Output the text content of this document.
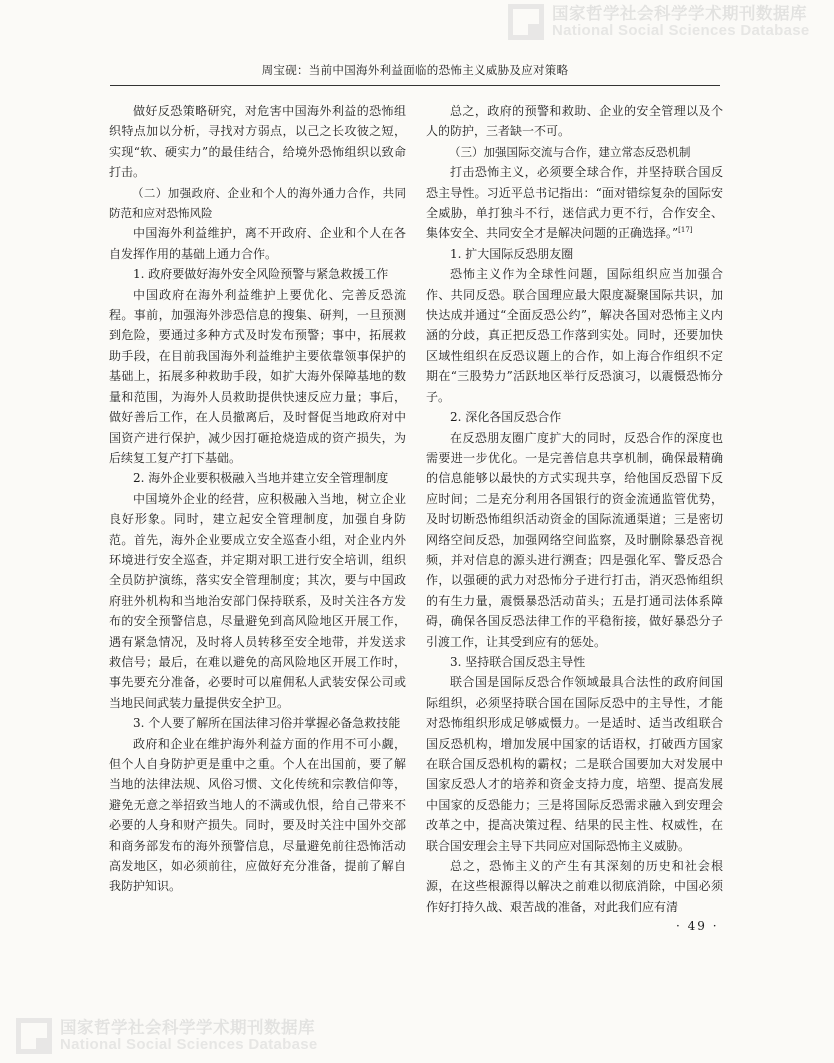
国家哲学社会科学学术期刊数据库
National Social Sciences Database
周宝砚：当前中国海外利益面临的恐怖主义威胁及应对策略

做好反恐策略研究，对危害中国海外利益的恐怖组织特点加以分析，寻找对方弱点，以己之长攻彼之短，实现“软、硬实力”的最佳结合，给境外恐怖组织以致命打击。

（二）加强政府、企业和个人的海外通力合作，共同防范和应对恐怖风险

中国海外利益维护，离不开政府、企业和个人在各自发挥作用的基础上通力合作。

1. 政府要做好海外安全风险预警与紧急救援工作

中国政府在海外利益维护上要优化、完善反恐流程。事前，加强海外涉恐信息的搜集、研判，一旦预测到危险，要通过多种方式及时发布预警；事中，拓展救助手段，在目前我国海外利益维护主要依靠领事保护的基础上，拓展多种救助手段，如扩大海外保障基地的数量和范围，为海外人员救助提供快速反应力量；事后，做好善后工作，在人员撤离后，及时督促当地政府对中国资产进行保护，减少因打砸抢烧造成的资产损失，为后续复工复产打下基础。

2. 海外企业要积极融入当地并建立安全管理制度

中国境外企业的经营，应积极融入当地，树立企业良好形象。同时，建立起安全管理制度，加强自身防范。首先，海外企业要成立安全巡查小组，对企业内外环境进行安全巡查，并定期对职工进行安全培训，组织全员防护演练，落实安全管理制度；其次，要与中国政府驻外机构和当地治安部门保持联系，及时关注各方发布的安全预警信息，尽量避免到高风险地区开展工作，遇有紧急情况，及时将人员转移至安全地带，并发送求救信号；最后，在难以避免的高风险地区开展工作时，事先要充分准备，必要时可以雇佣私人武装安保公司或当地民间武装力量提供安全护卫。

3. 个人要了解所在国法律习俗并掌握必备急救技能

政府和企业在维护海外利益方面的作用不可小觑，但个人自身防护更是重中之重。个人在出国前，要了解当地的法律法规、风俗习惯、文化传统和宗教信仰等，避免无意之举招致当地人的不满或仇恨，给自己带来不必要的人身和财产损失。同时，要及时关注中国外交部和商务部发布的海外预警信息，尽量避免前往恐怖活动高发地区，如必须前往，应做好充分准备，提前了解自我防护知识。

总之，政府的预警和救助、企业的安全管理以及个人的防护，三者缺一不可。

（三）加强国际交流与合作，建立常态反恐机制

打击恐怖主义，必须要全球合作，并坚持联合国反恐主导性。习近平总书记指出：“面对错综复杂的国际安全威胁，单打独斗不行，迷信武力更不行，合作安全、集体安全、共同安全才是解决问题的正确选择。”[17]

1. 扩大国际反恐朋友圈

恐怖主义作为全球性问题，国际组织应当加强合作、共同反恐。联合国理应最大限度凝聚国际共识，加快达成并通过“全面反恐公约”，解决各国对恐怖主义内涵的分歧，真正把反恐工作落到实处。同时，还要加快区域性组织在反恐议题上的合作，如上海合作组织不定期在“三股势力”活跃地区举行反恐演习，以震慑恐怖分子。

2. 深化各国反恐合作

在反恐朋友圈广度扩大的同时，反恐合作的深度也需要进一步优化。一是完善信息共享机制，确保最精确的信息能够以最快的方式实现共享，给他国反恐留下反应时间；二是充分利用各国银行的资金流通监管优势，及时切断恐怖组织活动资金的国际流通渠道；三是密切网络空间反恐，加强网络空间监察，及时删除暴恐音视频，并对信息的源头进行溯查；四是强化军、警反恐合作，以强硬的武力对恐怖分子进行打击，消灭恐怖组织的有生力量，震慑暴恐活动苗头；五是打通司法体系障碍，确保各国反恐法律工作的平稳衔接，做好暴恐分子引渡工作，让其受到应有的惩处。

3. 坚持联合国反恐主导性

联合国是国际反恐合作领域最具合法性的政府间国际组织，必须坚持联合国在国际反恐中的主导性，才能对恐怖组织形成足够威慑力。一是适时、适当改组联合国反恐机构，增加发展中国家的话语权，打破西方国家在联合国反恐机构的霸权；二是联合国要加大对发展中国家反恐人才的培养和资金支持力度，培塑、提高发展中国家的反恐能力；三是将国际反恐需求融入到安理会改革之中，提高决策过程、结果的民主性、权威性，在联合国安理会主导下共同应对国际恐怖主义威胁。

总之，恐怖主义的产生有其深刻的历史和社会根源，在这些根源得以解决之前难以彻底消除，中国必须作好打持久战、艰苦战的准备，对此我们应有清

· 49 ·
国家哲学社会科学学术期刊数据库
National Social Sciences Database
